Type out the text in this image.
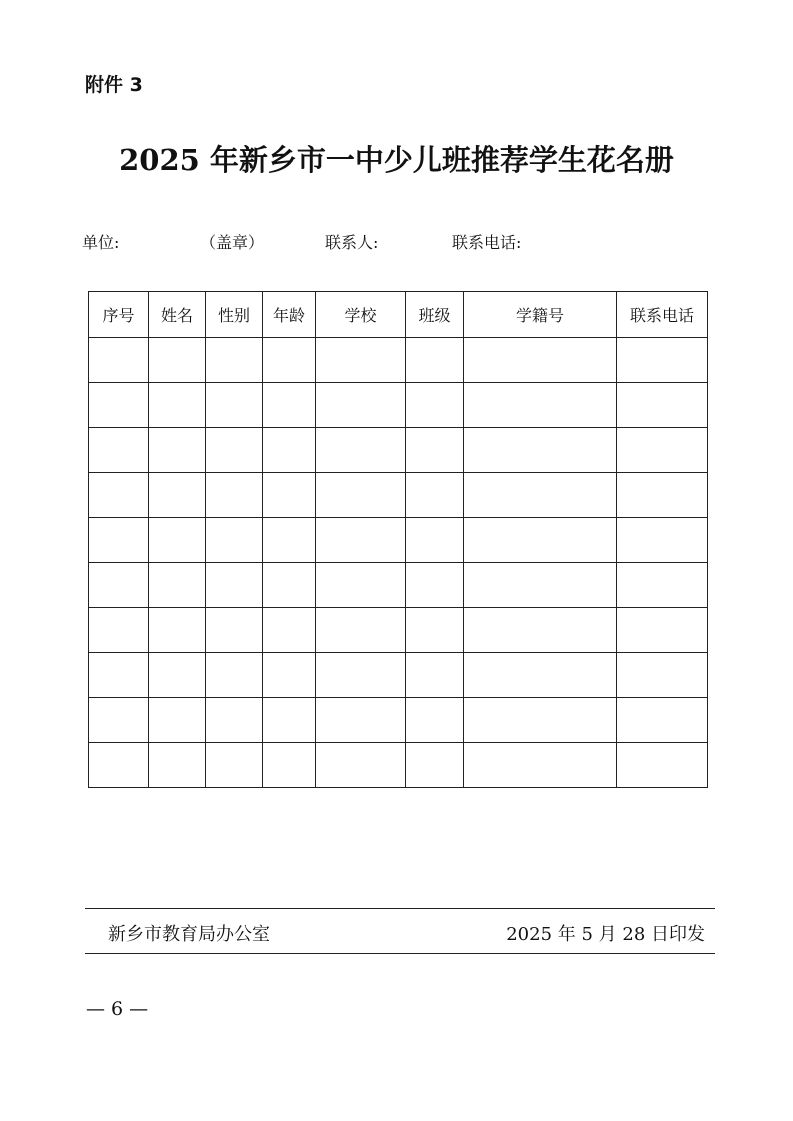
附件 3
2025 年新乡市一中少儿班推荐学生花名册
单位:	（盖章）	联系人:	联系电话:
序号	姓名	性别	年龄	学校	班级	学籍号	联系电话

新乡市教育局办公室	2025 年 5 月 28 日印发
— 6 —
